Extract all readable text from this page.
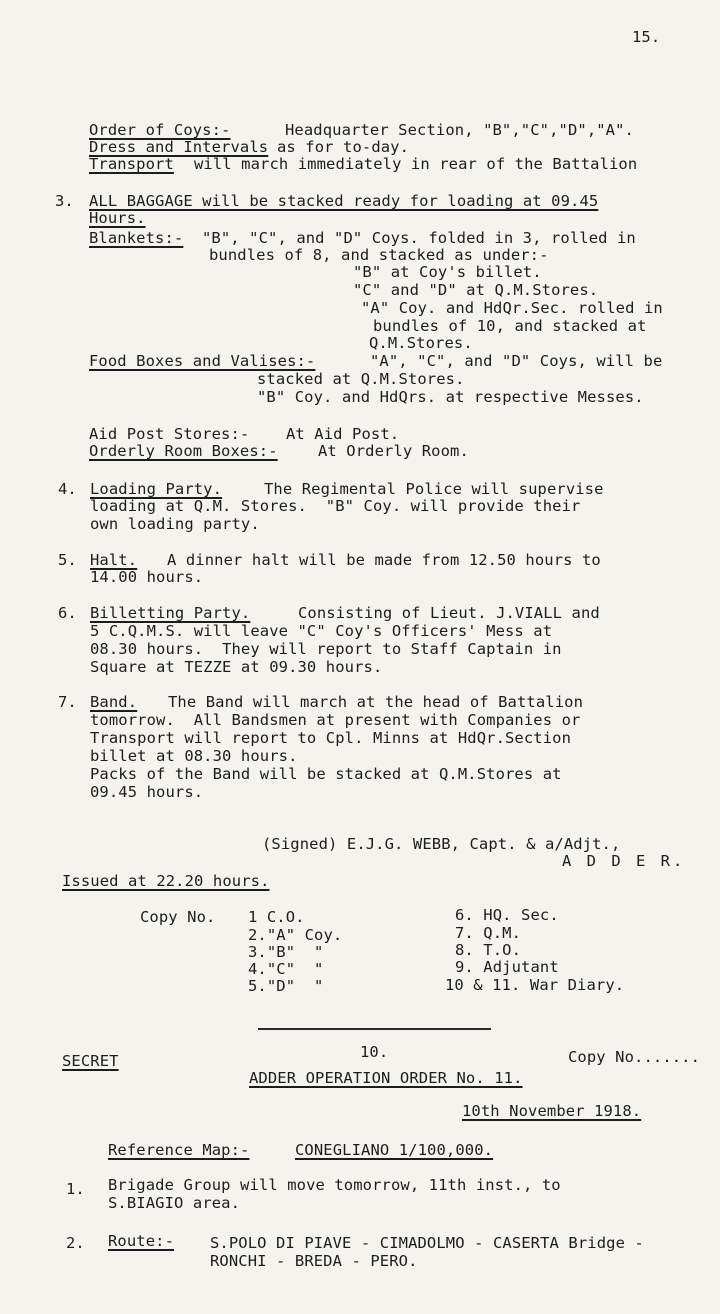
15.
Order of Coys:-	Headquarter Section, "B","C","D","A".
Dress and Intervals as for to-day.
Transport will march immediately in rear of the Battalion
3. ALL BAGGAGE will be stacked ready for loading at 09.45
Hours.
Blankets:- "B", "C", and "D" Coys. folded in 3, rolled in
bundles of 8, and stacked as under:-
"B" at Coy's billet.
"C" and "D" at Q.M.Stores.
"A" Coy. and HdQr.Sec. rolled in
bundles of 10, and stacked at
Q.M.Stores.
Food Boxes and Valises:-	"A", "C", and "D" Coys, will be
stacked at Q.M.Stores.
"B" Coy. and HdQrs. at respective Messes.
Aid Post Stores:- At Aid Post.
Orderly Room Boxes:-	At Orderly Room.
4. Loading Party.	The Regimental Police will supervise
loading at Q.M. Stores.  "B" Coy. will provide their
own loading party.
5. Halt. A dinner halt will be made from 12.50 hours to
14.00 hours.
6. Billetting Party.	Consisting of Lieut. J.VIALL and
5 C.Q.M.S. will leave "C" Coy's Officers' Mess at
08.30 hours.  They will report to Staff Captain in
Square at TEZZE at 09.30 hours.
7. Band. The Band will march at the head of Battalion
tomorrow.  All Bandsmen at present with Companies or
Transport will report to Cpl. Minns at HdQr.Section
billet at 08.30 hours.
Packs of the Band will be stacked at Q.M.Stores at
09.45 hours.
(Signed) E.J.G. WEBB, Capt. & a/Adjt.,
A D D E R.
Issued at 22.20 hours.
Copy No. 1 C.O.
2."A" Coy.
3."B"  "
4."C"  "
5."D"  "
6. HQ. Sec.
7. Q.M.
8. T.O.
9. Adjutant
10 & 11. War Diary.
10.
SECRET	Copy No.......
ADDER OPERATION ORDER No. 11.
10th November 1918.
Reference Map:-	CONEGLIANO 1/100,000.
1. Brigade Group will move tomorrow, 11th inst., to
S.BIAGIO area.
2. Route:- S.POLO DI PIAVE - CIMADOLMO - CASERTA Bridge -
RONCHI - BREDA - PERO.
